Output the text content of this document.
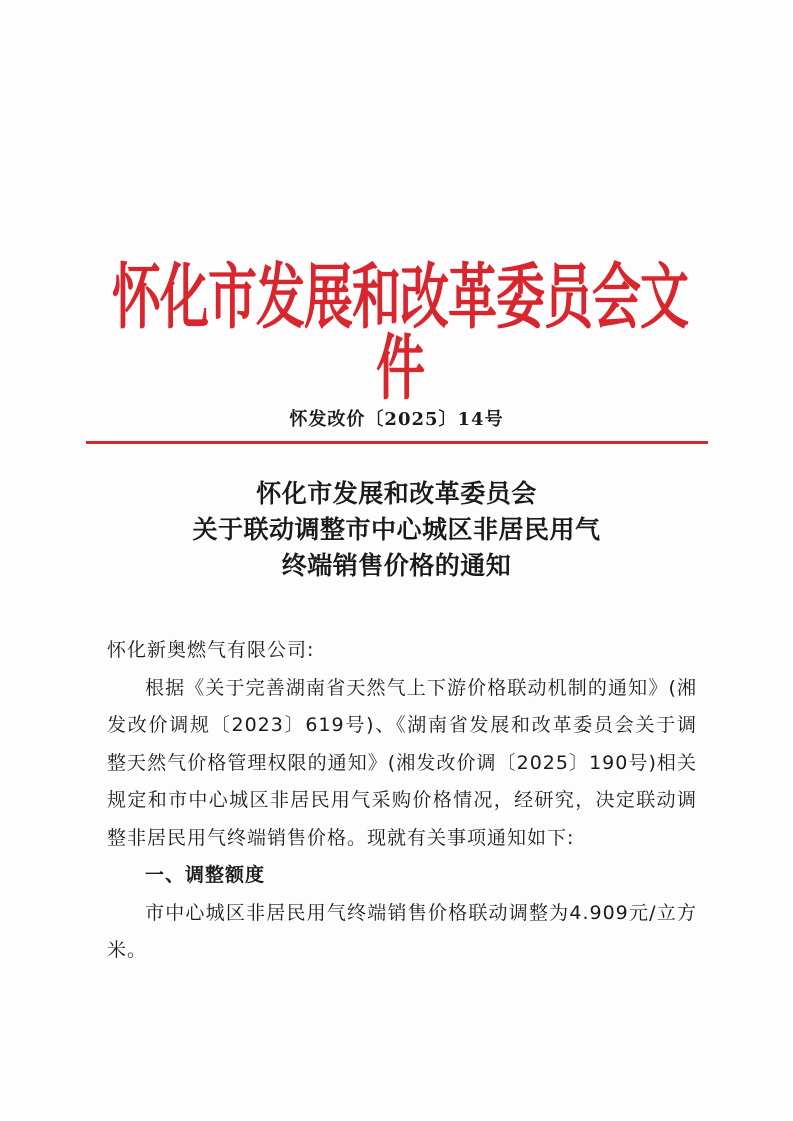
怀化市发展和改革委员会文件
怀发改价〔2025〕14号
怀化市发展和改革委员会
关于联动调整市中心城区非居民用气
终端销售价格的通知

怀化新奥燃气有限公司:

根据《关于完善湖南省天然气上下游价格联动机制的通知》(湘发改价调规〔2023〕619号)、《湖南省发展和改革委员会关于调整天然气价格管理权限的通知》(湘发改价调〔2025〕190号)相关规定和市中心城区非居民用气采购价格情况，经研究，决定联动调整非居民用气终端销售价格。现就有关事项通知如下:

一、调整额度

市中心城区非居民用气终端销售价格联动调整为4.909元/立方米。
